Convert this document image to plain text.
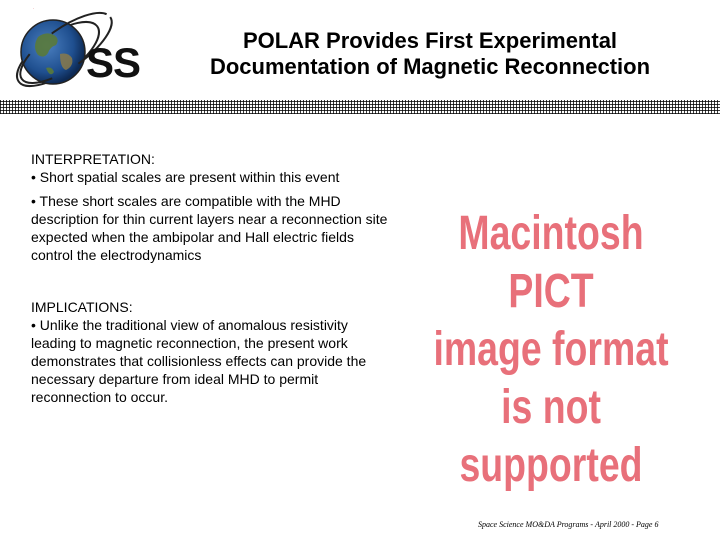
·
SS	POLAR Provides First Experimental
Documentation of Magnetic Reconnection

INTERPRETATION:

• Short spatial scales are present within this event

• These short scales are compatible with the MHD description for thin current layers near a reconnection site expected when the ambipolar and Hall electric fields control the electrodynamics

IMPLICATIONS:

• Unlike the traditional view of anomalous resistivity leading to magnetic reconnection, the present work demonstrates that collisionless effects can provide the necessary departure from ideal MHD to permit reconnection to occur.

Macintosh PICT
image format
is not supported
Space Science MO&DA Programs - April 2000 - Page 6
